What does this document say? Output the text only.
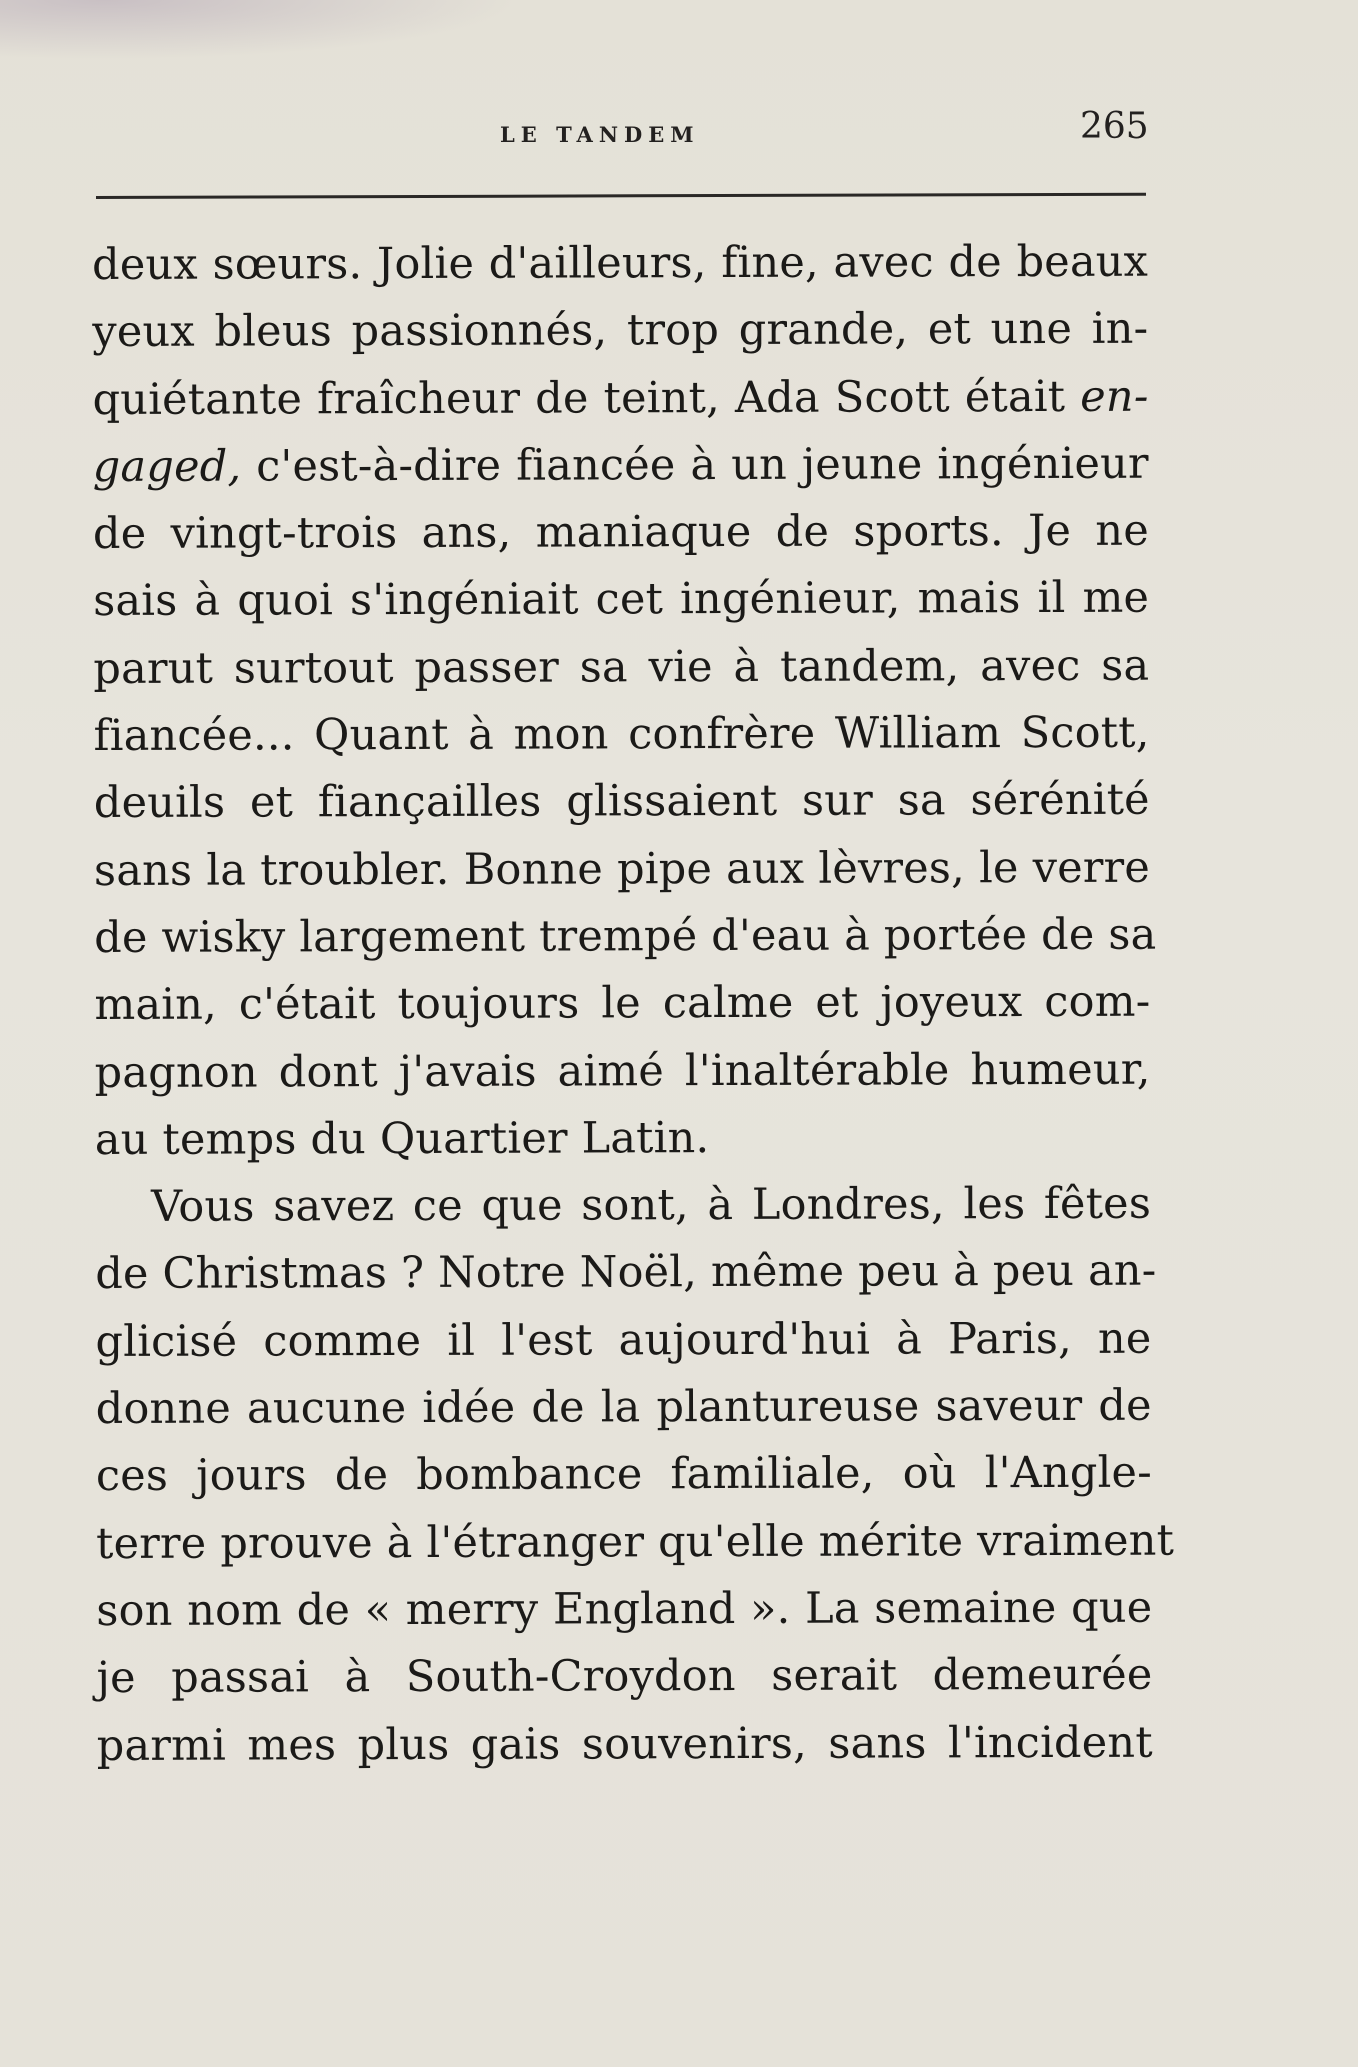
LE TANDEM	265
deux sœurs. Jolie d'ailleurs, fine, avec de beaux
yeux bleus passionnés, trop grande, et une in-
quiétante fraîcheur de teint, Ada Scott était en-
gaged, c'est-à-dire fiancée à un jeune ingénieur
de vingt-trois ans, maniaque de sports. Je ne
sais à quoi s'ingéniait cet ingénieur, mais il me
parut surtout passer sa vie à tandem, avec sa
fiancée... Quant à mon confrère William Scott,
deuils et fiançailles glissaient sur sa sérénité
sans la troubler. Bonne pipe aux lèvres, le verre
de wisky largement trempé d'eau à portée de sa
main, c'était toujours le calme et joyeux com-
pagnon dont j'avais aimé l'inaltérable humeur,
au temps du Quartier Latin.
Vous savez ce que sont, à Londres, les fêtes
de Christmas ? Notre Noël, même peu à peu an-
glicisé comme il l'est aujourd'hui à Paris, ne
donne aucune idée de la plantureuse saveur de
ces jours de bombance familiale, où l'Angle-
terre prouve à l'étranger qu'elle mérite vraiment
son nom de « merry England ». La semaine que
je passai à South-Croydon serait demeurée
parmi mes plus gais souvenirs, sans l'incident
